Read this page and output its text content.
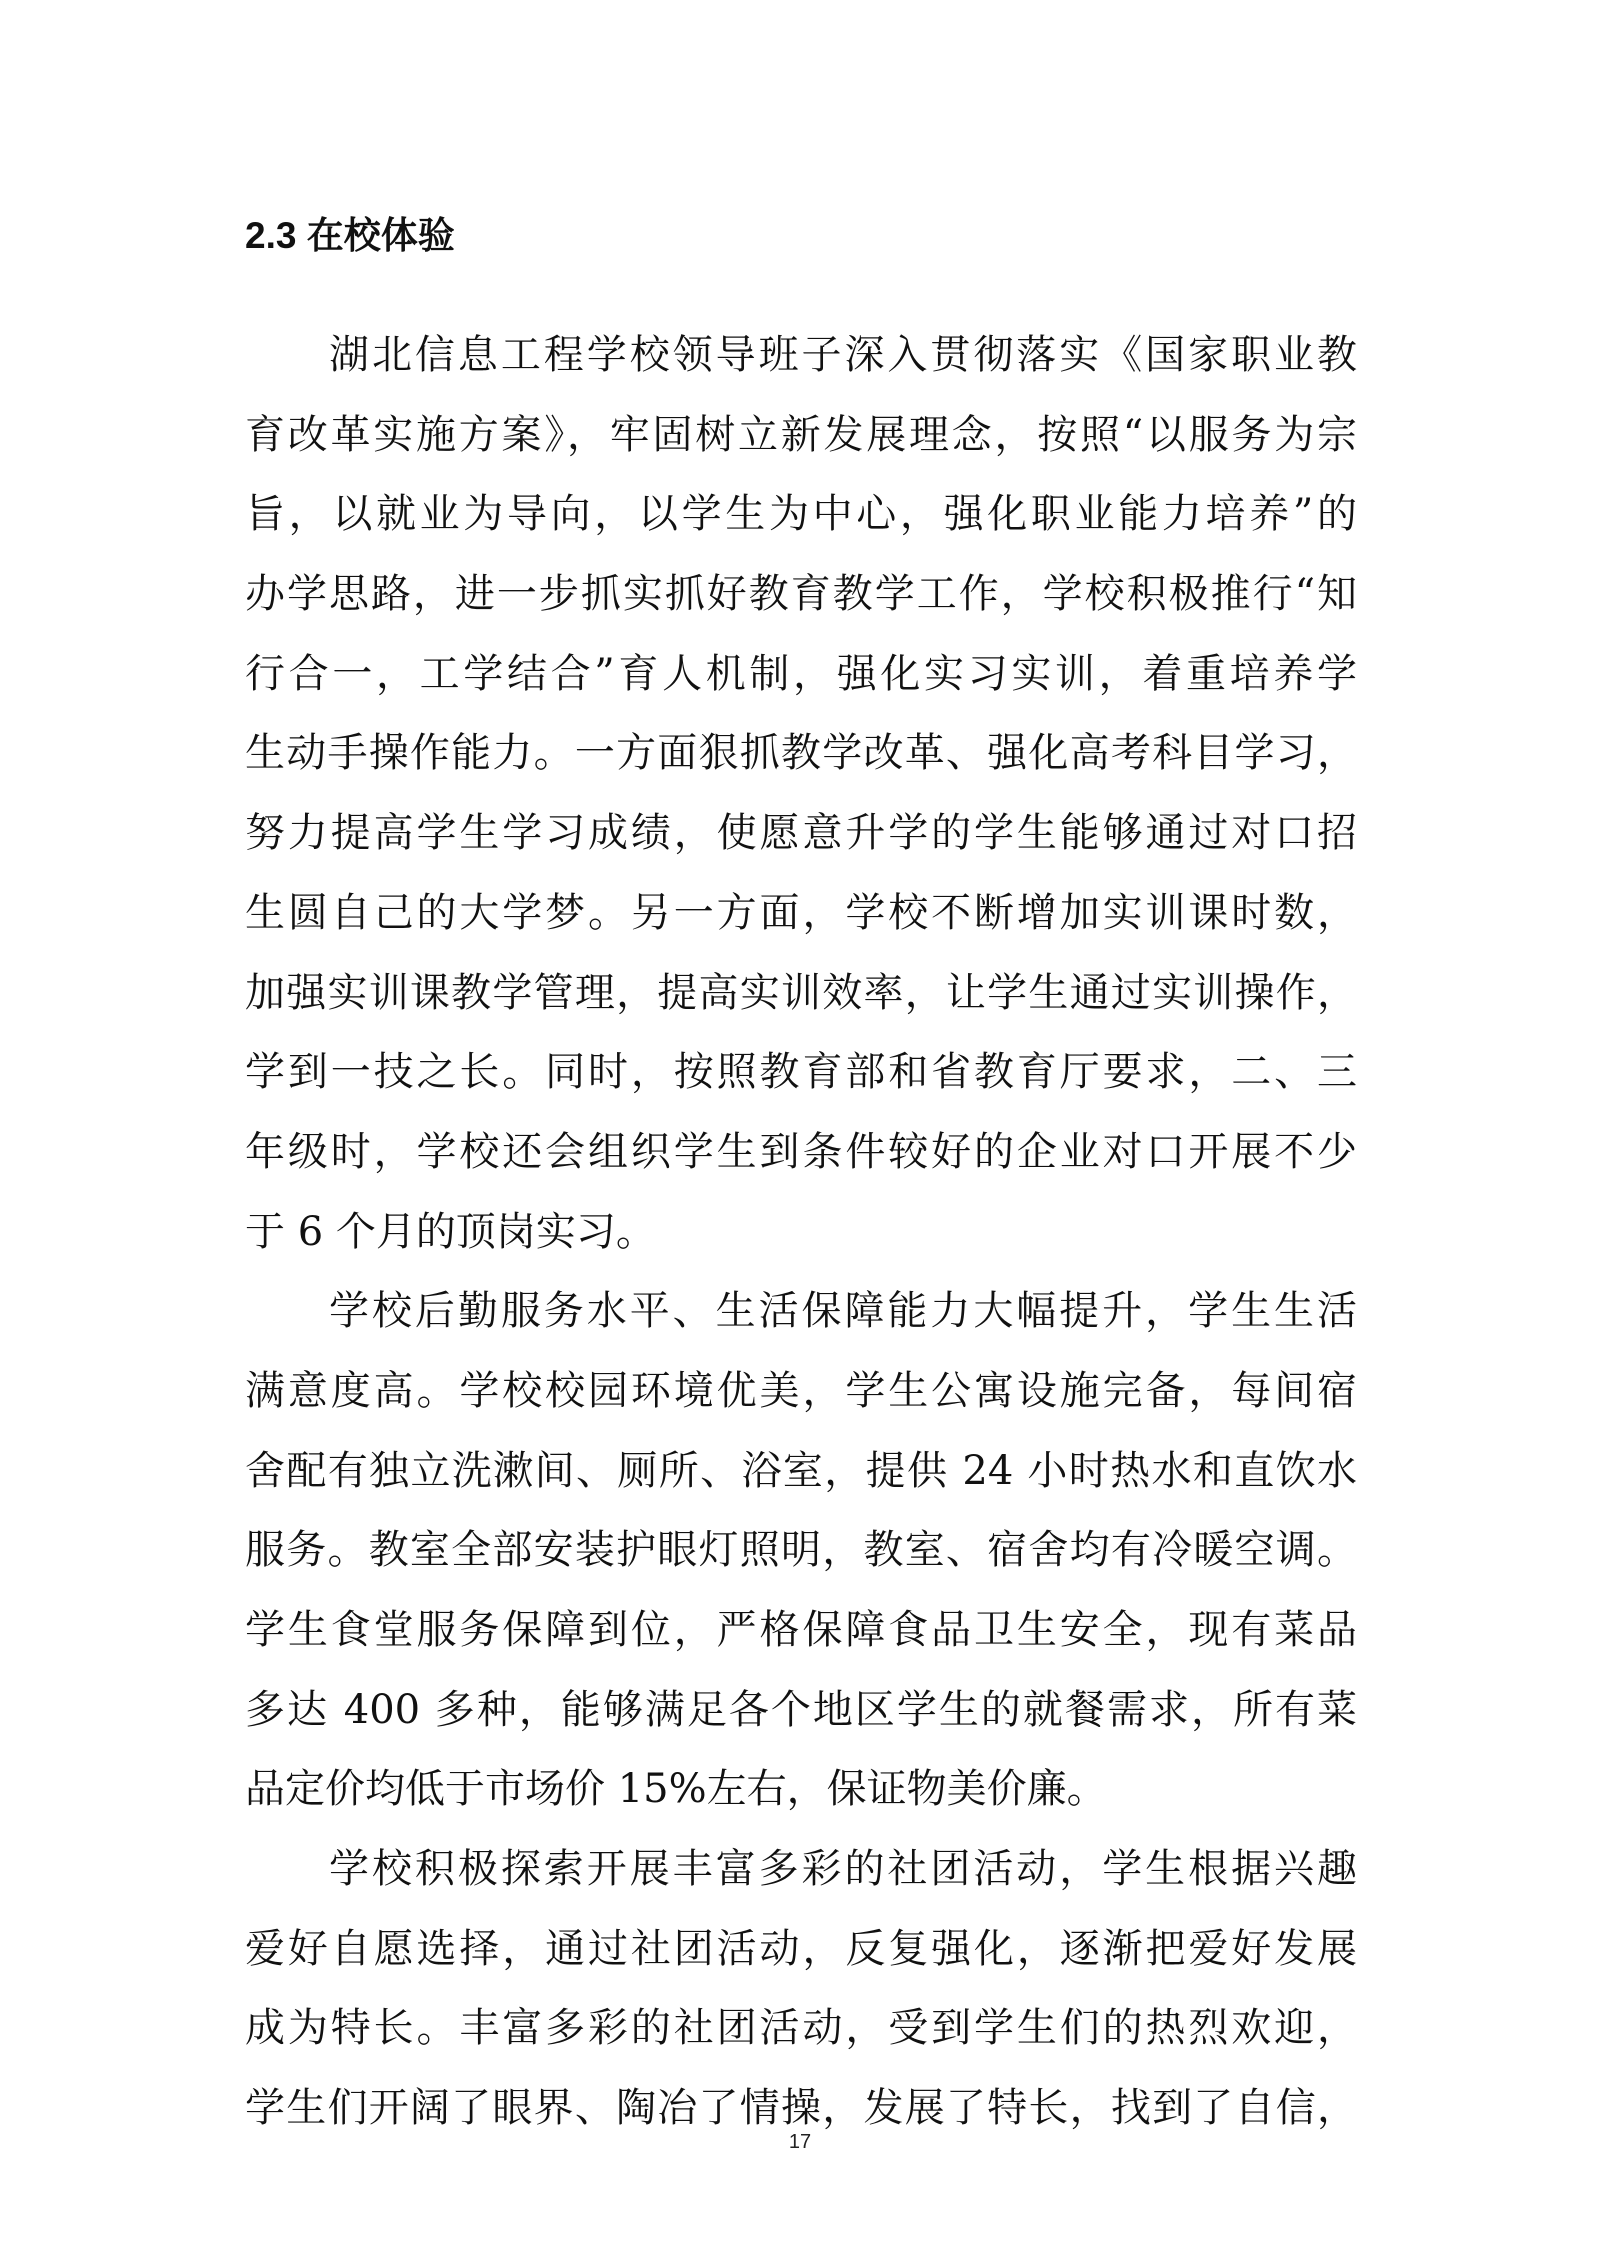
2.3 在校体验
湖北信息工程学校领导班子深入贯彻落实《国家职业教
育改革实施方案》，牢固树立新发展理念，按照“以服务为宗
旨，以就业为导向，以学生为中心，强化职业能力培养”的
办学思路，进一步抓实抓好教育教学工作，学校积极推行“知
行合一，工学结合”育人机制，强化实习实训，着重培养学
生动手操作能力。一方面狠抓教学改革、强化高考科目学习，
努力提高学生学习成绩，使愿意升学的学生能够通过对口招
生圆自己的大学梦。另一方面，学校不断增加实训课时数，
加强实训课教学管理，提高实训效率，让学生通过实训操作，
学到一技之长。同时，按照教育部和省教育厅要求，二、三
年级时，学校还会组织学生到条件较好的企业对口开展不少
于 6 个月的顶岗实习。
学校后勤服务水平、生活保障能力大幅提升，学生生活
满意度高。学校校园环境优美，学生公寓设施完备，每间宿
舍配有独立洗漱间、厕所、浴室，提供 24 小时热水和直饮水
服务。教室全部安装护眼灯照明，教室、宿舍均有冷暖空调。
学生食堂服务保障到位，严格保障食品卫生安全，现有菜品
多达 400 多种，能够满足各个地区学生的就餐需求，所有菜
品定价均低于市场价 15%左右，保证物美价廉。
学校积极探索开展丰富多彩的社团活动，学生根据兴趣
爱好自愿选择，通过社团活动，反复强化，逐渐把爱好发展
成为特长。丰富多彩的社团活动，受到学生们的热烈欢迎，
学生们开阔了眼界、陶冶了情操，发展了特长，找到了自信，
17
